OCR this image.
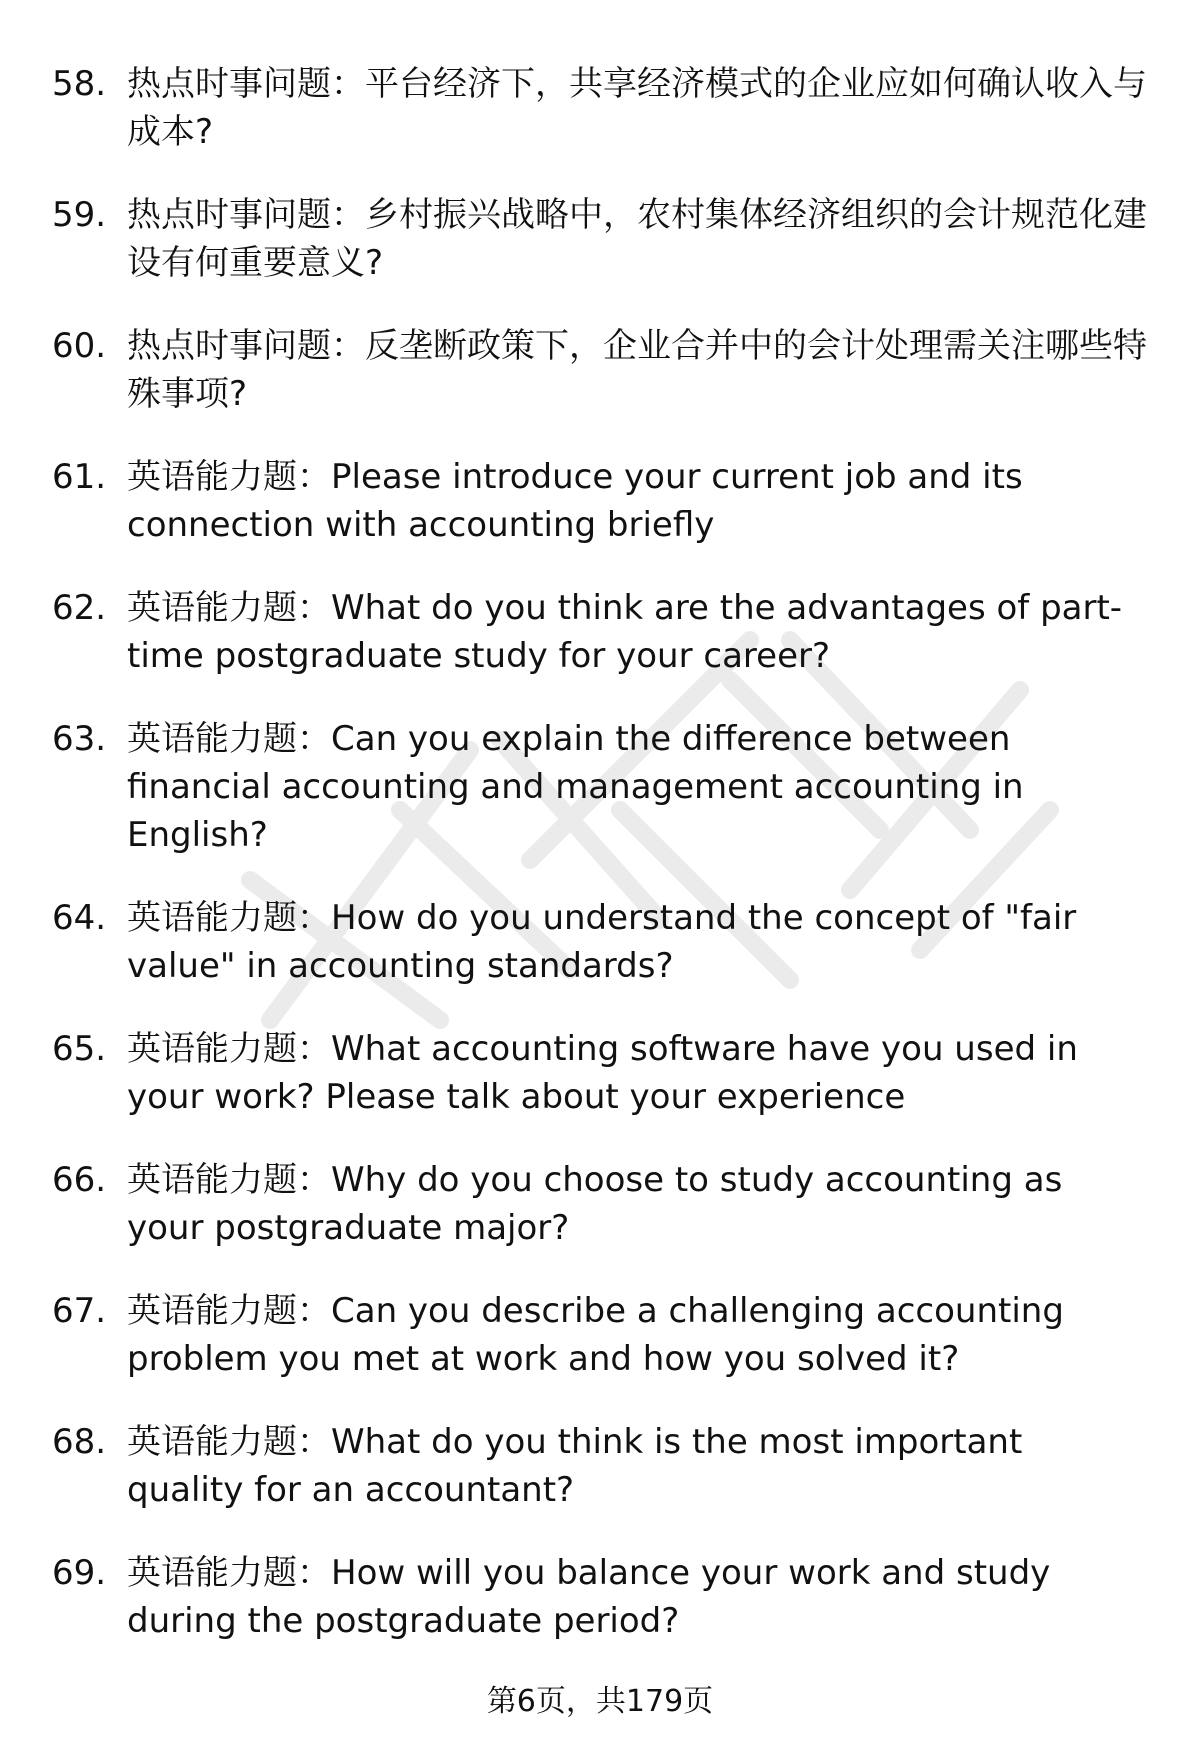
58. 热点时事问题：平台经济下，共享经济模式的企业应如何确认收入与成本?
59. 热点时事问题：乡村振兴战略中，农村集体经济组织的会计规范化建设有何重要意义?
60. 热点时事问题：反垄断政策下，企业合并中的会计处理需关注哪些特殊事项?
61. 英语能力题：Please introduce your current job and its connection with accounting briefly
62. 英语能力题：What do you think are the advantages of part-time postgraduate study for your career?
63. 英语能力题：Can you explain the difference between financial accounting and management accounting in English?
64. 英语能力题：How do you understand the concept of "fair value" in accounting standards?
65. 英语能力题：What accounting software have you used in your work? Please talk about your experience
66. 英语能力题：Why do you choose to study accounting as your postgraduate major?
67. 英语能力题：Can you describe a challenging accounting problem you met at work and how you solved it?
68. 英语能力题：What do you think is the most important quality for an accountant?
69. 英语能力题：How will you balance your work and study during the postgraduate period?
第6页，共179页
